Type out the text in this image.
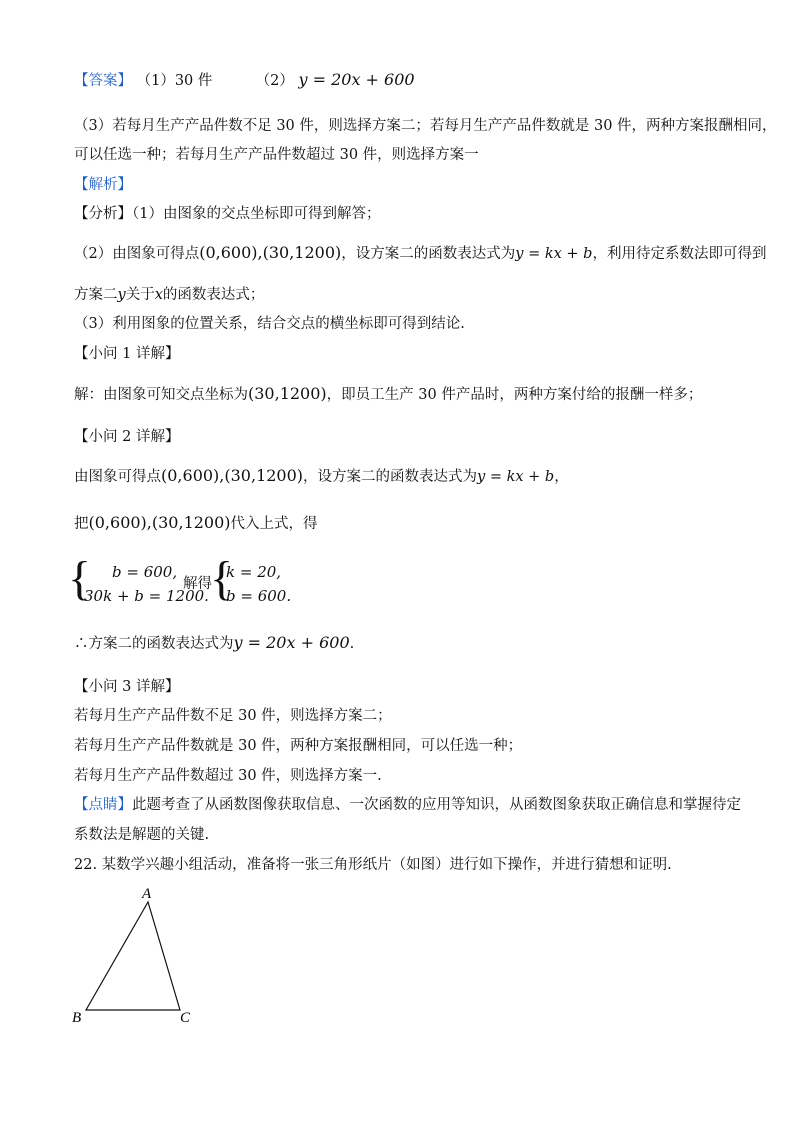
【答案】 （1）30 件	（2） y = 20x + 600
（3）若每月生产产品件数不足 30 件，则选择方案二；若每月生产产品件数就是 30 件，两种方案报酬相同，
可以任选一种；若每月生产产品件数超过 30 件，则选择方案一
【解析】
【分析】（1）由图象的交点坐标即可得到解答；
（2）由图象可得点(0,600),(30,1200)，设方案二的函数表达式为y = kx + b，利用待定系数法即可得到
方案二y关于x的函数表达式；
（3）利用图象的位置关系，结合交点的横坐标即可得到结论.
【小问 1 详解】
解：由图象可知交点坐标为(30,1200)，即员工生产 30 件产品时，两种方案付给的报酬一样多；
【小问 2 详解】
由图象可得点(0,600),(30,1200)，设方案二的函数表达式为y = kx + b，
把(0,600),(30,1200)代入上式，得
{ b = 600,
30k + b = 1200.
解得
{
k = 20,
b = 600.
∴方案二的函数表达式为y = 20x + 600.
【小问 3 详解】
若每月生产产品件数不足 30 件，则选择方案二；
若每月生产产品件数就是 30 件，两种方案报酬相同，可以任选一种；
若每月生产产品件数超过 30 件，则选择方案一.
【点睛】此题考查了从函数图像获取信息、一次函数的应用等知识，从函数图象获取正确信息和掌握待定
系数法是解题的关键.
22. 某数学兴趣小组活动，准备将一张三角形纸片（如图）进行如下操作，并进行猜想和证明.
A
B	C
